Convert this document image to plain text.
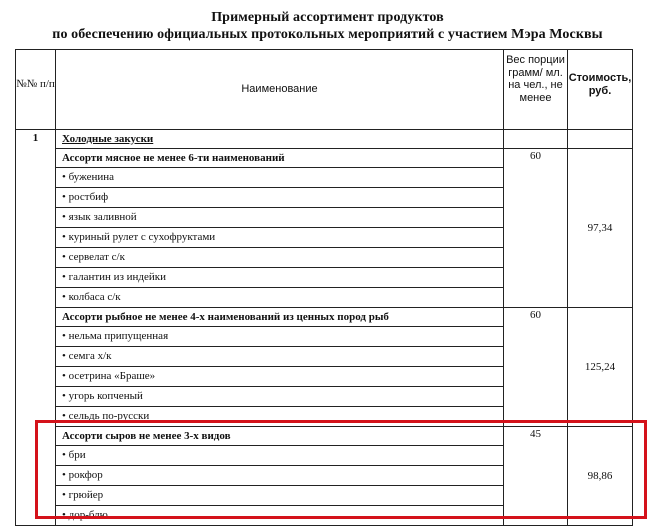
Примерный ассортимент продуктов
по обеспечению официальных протокольных мероприятий с участием Мэра Москвы
№№ п/п	Наименование	Вес порции грамм/ мл. на чел., не менее	Стоимость, руб.
1	Холодные закуски		
	Ассорти мясное не менее 6-ти наименований	60	97,34
	• буженина		
	• ростбиф		
	• язык заливной		
	• куриный рулет с сухофруктами		
	• сервелат с/к		
	• галантин из индейки		
	• колбаса с/к		
	Ассорти рыбное не менее 4-х наименований из ценных пород рыб	60	125,24
	• нельма припущенная		
	• семга х/к		
	• осетрина «Браше»		
	• угорь копченый		
	• сельдь по-русски		
	Ассорти сыров не менее 3-х видов	45	98,86
	• бри		
	• рокфор		
	• грюйер		
	• дор-блю		
